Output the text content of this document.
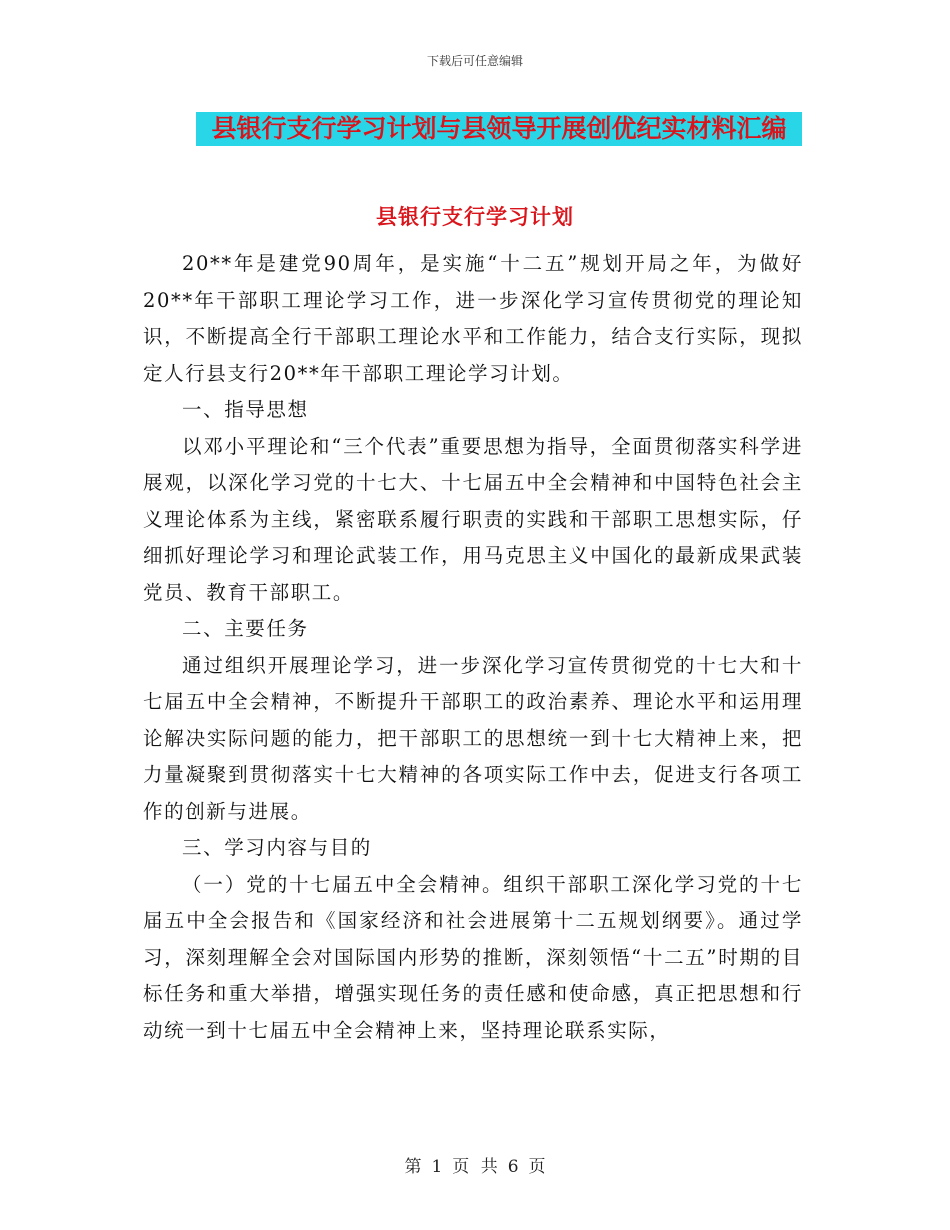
下载后可任意编辑
县银行支行学习计划与县领导开展创优纪实材料汇编
县银行支行学习计划

20**年是建党90周年，是实施“十二五”规划开局之年，为做好20**年干部职工理论学习工作，进一步深化学习宣传贯彻党的理论知识，不断提高全行干部职工理论水平和工作能力，结合支行实际，现拟定人行县支行20**年干部职工理论学习计划。

一、指导思想

以邓小平理论和“三个代表”重要思想为指导，全面贯彻落实科学进展观，以深化学习党的十七大、十七届五中全会精神和中国特色社会主义理论体系为主线，紧密联系履行职责的实践和干部职工思想实际，仔细抓好理论学习和理论武装工作，用马克思主义中国化的最新成果武装党员、教育干部职工。

二、主要任务

通过组织开展理论学习，进一步深化学习宣传贯彻党的十七大和十七届五中全会精神，不断提升干部职工的政治素养、理论水平和运用理论解决实际问题的能力，把干部职工的思想统一到十七大精神上来，把力量凝聚到贯彻落实十七大精神的各项实际工作中去，促进支行各项工作的创新与进展。

三、学习内容与目的

（一）党的十七届五中全会精神。组织干部职工深化学习党的十七届五中全会报告和《国家经济和社会进展第十二五规划纲要》。通过学习，深刻理解全会对国际国内形势的推断，深刻领悟“十二五”时期的目标任务和重大举措，增强实现任务的责任感和使命感，真正把思想和行动统一到十七届五中全会精神上来，坚持理论联系实际，

第 1 页 共 6 页
